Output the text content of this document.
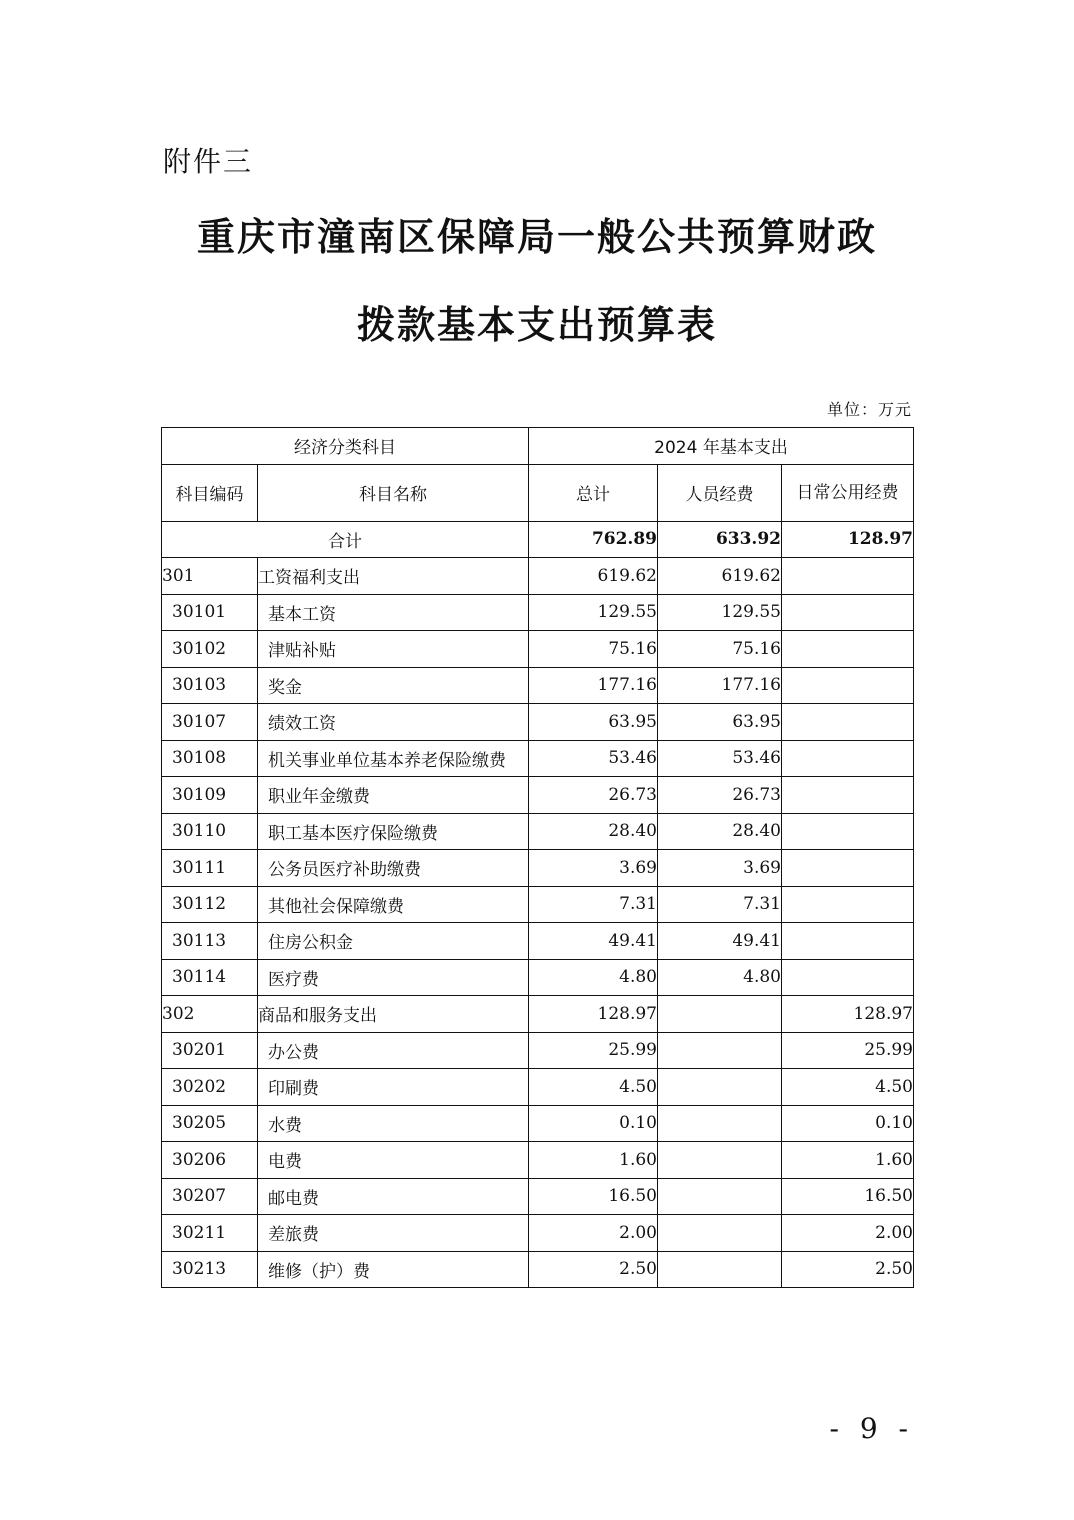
附件三
重庆市潼南区保障局一般公共预算财政
拨款基本支出预算表
单位：万元
经济分类科目		2024 年基本支出		
科目编码	科目名称	总计	人员经费	日常公用经费
合计		762.89	633.92	128.97
301	工资福利支出	619.62	619.62	
30101	基本工资	129.55	129.55	
30102	津贴补贴	75.16	75.16	
30103	奖金	177.16	177.16	
30107	绩效工资	63.95	63.95	
30108	机关事业单位基本养老保险缴费	53.46	53.46	
30109	职业年金缴费	26.73	26.73	
30110	职工基本医疗保险缴费	28.40	28.40	
30111	公务员医疗补助缴费	3.69	3.69	
30112	其他社会保障缴费	7.31	7.31	
30113	住房公积金	49.41	49.41	
30114	医疗费	4.80	4.80	
302	商品和服务支出	128.97		128.97
30201	办公费	25.99		25.99
30202	印刷费	4.50		4.50
30205	水费	0.10		0.10
30206	电费	1.60		1.60
30207	邮电费	16.50		16.50
30211	差旅费	2.00		2.00
30213	维修（护）费	2.50		2.50
- 9 -
